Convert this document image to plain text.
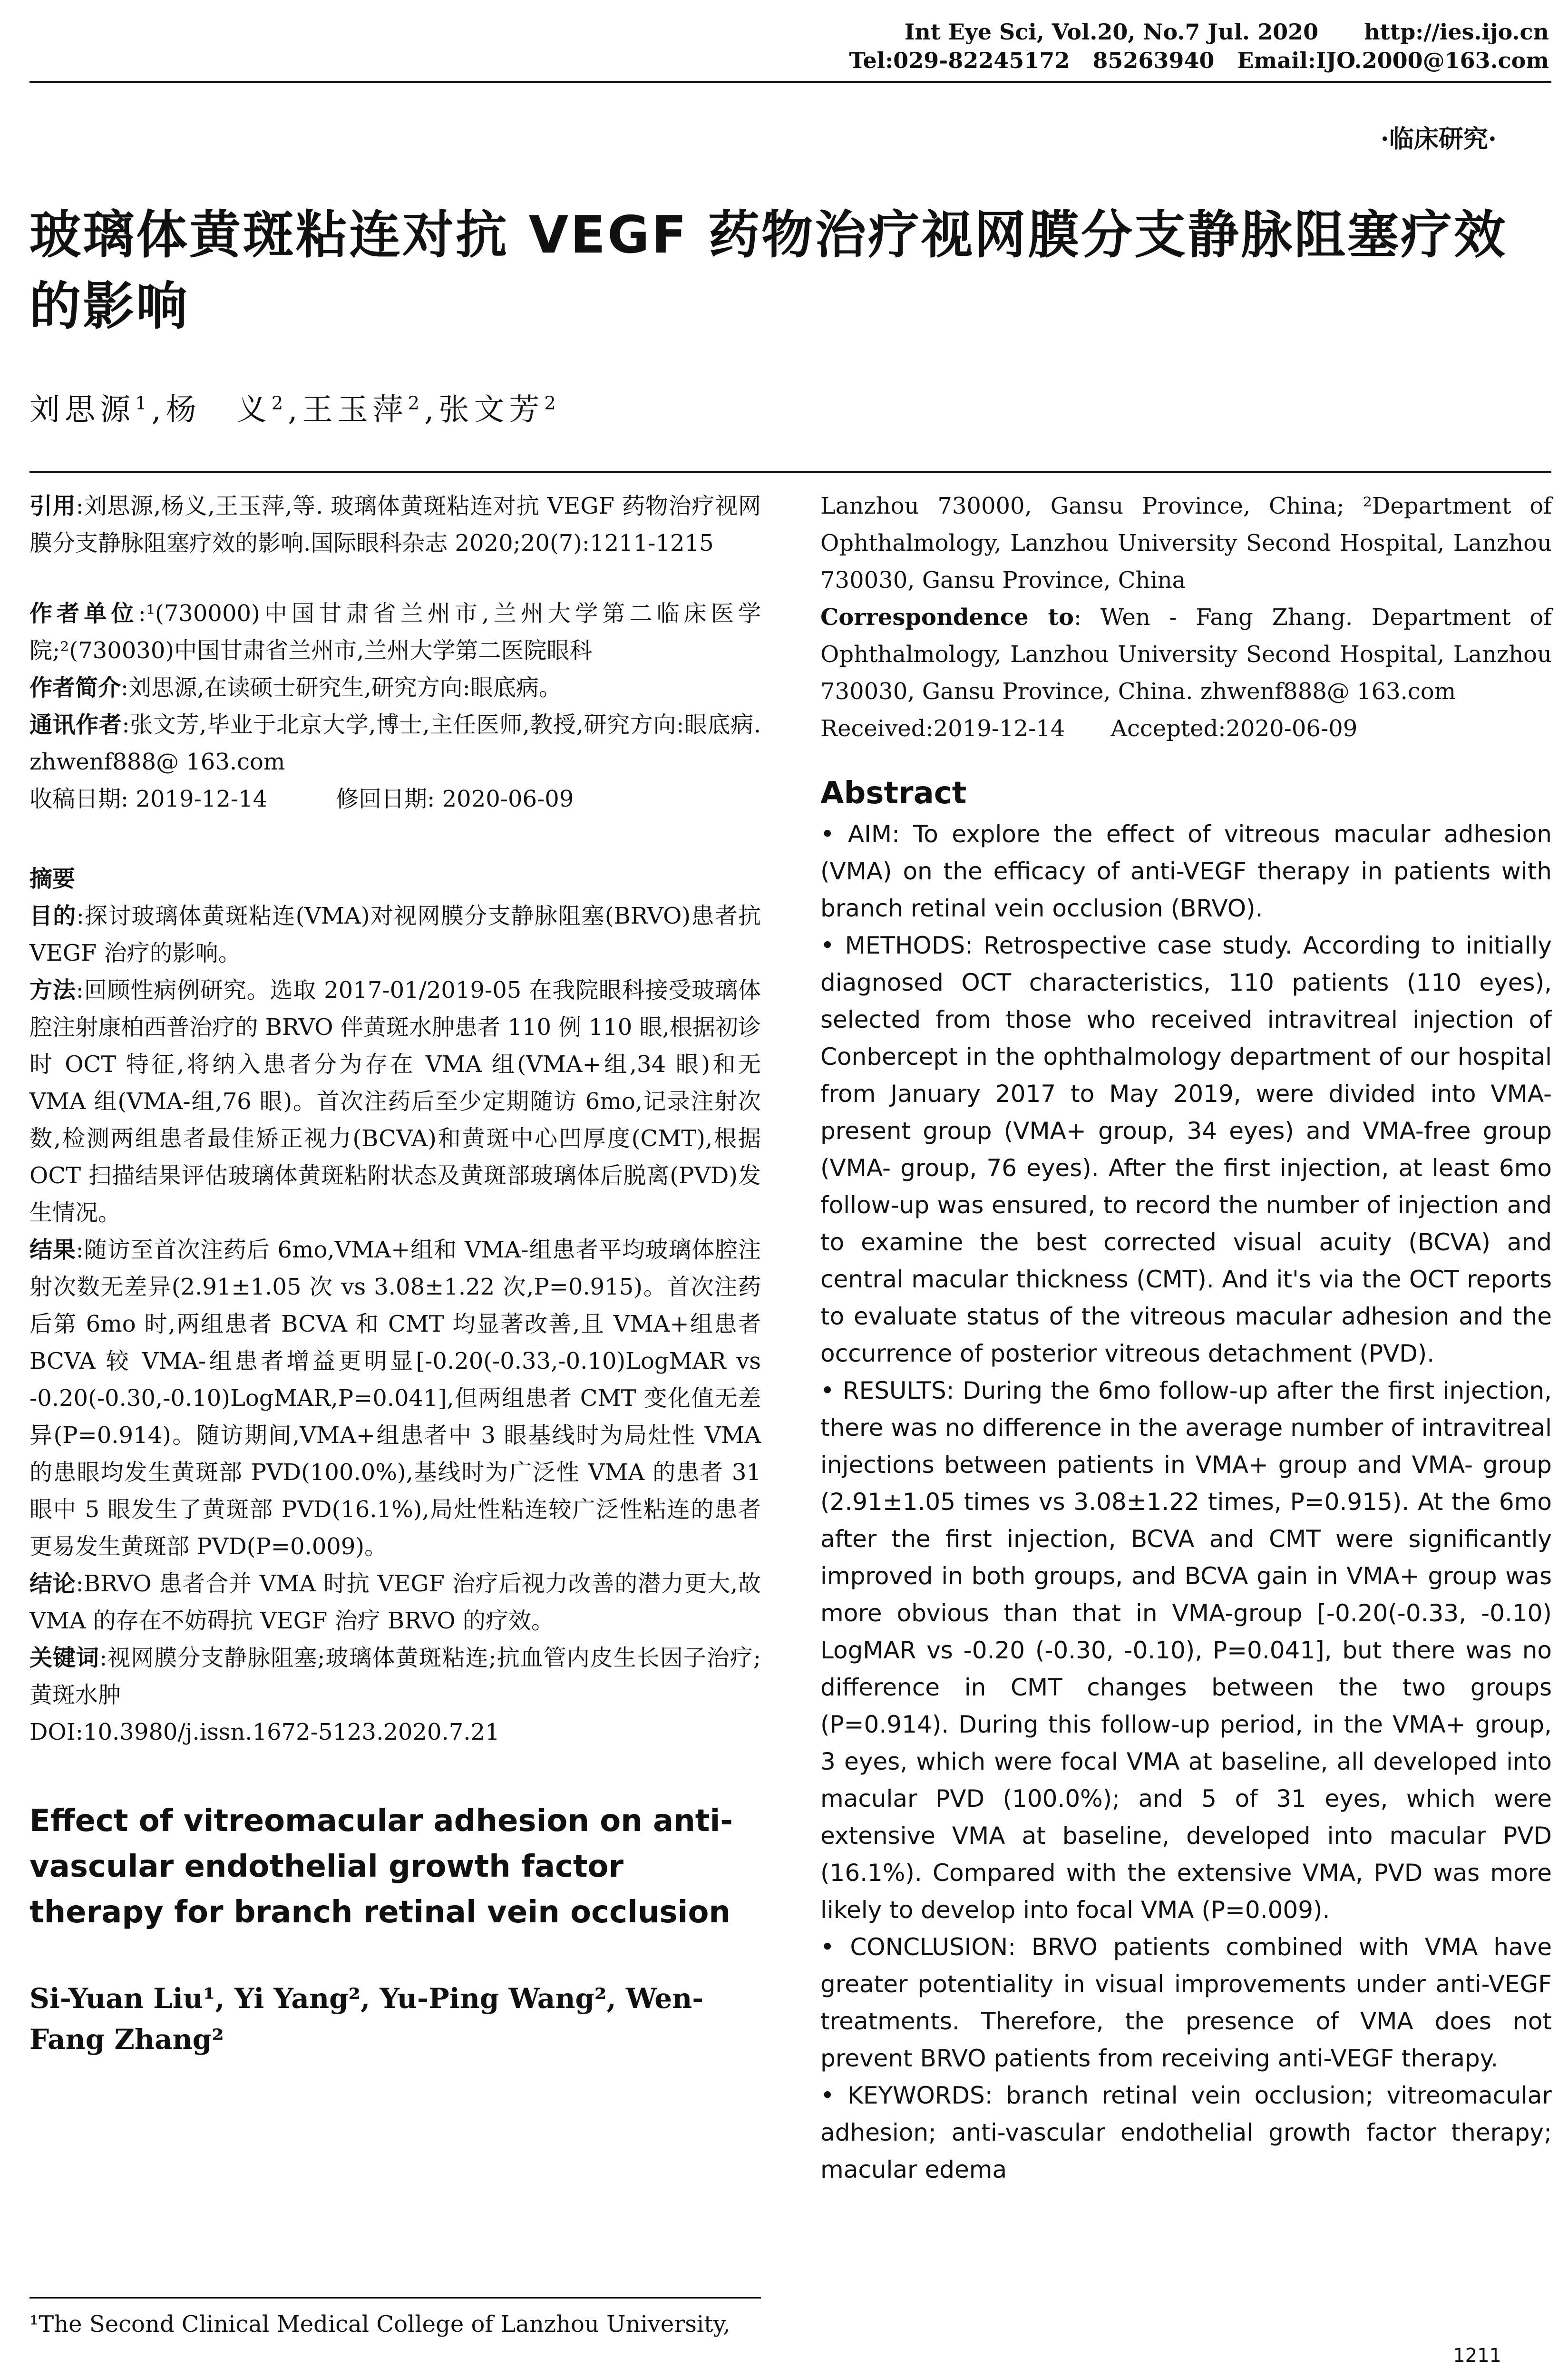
Int Eye Sci, Vol.20, No.7 Jul. 2020      http://ies.ijo.cn
Tel:029-82245172   85263940   Email:IJO.2000@163.com
·临床研究·
玻璃体黄斑粘连对抗 VEGF 药物治疗视网膜分支静脉阻塞疗效的影响
刘思源$^1$,杨　义$^2$,王玉萍$^2$,张文芳$^2$

引用:刘思源,杨义,王玉萍,等. 玻璃体黄斑粘连对抗 VEGF 药物治疗视网膜分支静脉阻塞疗效的影响.国际眼科杂志 2020;20(7):1211-1215

作者单位:¹(730000)中国甘肃省兰州市,兰州大学第二临床医学院;²(730030)中国甘肃省兰州市,兰州大学第二医院眼科

作者简介:刘思源,在读硕士研究生,研究方向:眼底病。

通讯作者:张文芳,毕业于北京大学,博士,主任医师,教授,研究方向:眼底病. zhwenf888@ 163.com

收稿日期: 2019-12-14　　　修回日期: 2020-06-09

摘要

目的:探讨玻璃体黄斑粘连(VMA)对视网膜分支静脉阻塞(BRVO)患者抗 VEGF 治疗的影响。

方法:回顾性病例研究。选取 2017-01/2019-05 在我院眼科接受玻璃体腔注射康柏西普治疗的 BRVO 伴黄斑水肿患者 110 例 110 眼,根据初诊时 OCT 特征,将纳入患者分为存在 VMA 组(VMA+组,34 眼)和无 VMA 组(VMA-组,76 眼)。首次注药后至少定期随访 6mo,记录注射次数,检测两组患者最佳矫正视力(BCVA)和黄斑中心凹厚度(CMT),根据 OCT 扫描结果评估玻璃体黄斑粘附状态及黄斑部玻璃体后脱离(PVD)发生情况。

结果:随访至首次注药后 6mo,VMA+组和 VMA-组患者平均玻璃体腔注射次数无差异(2.91±1.05 次 vs 3.08±1.22 次,P=0.915)。首次注药后第 6mo 时,两组患者 BCVA 和 CMT 均显著改善,且 VMA+组患者 BCVA 较 VMA-组患者增益更明显[-0.20(-0.33,-0.10)LogMAR vs -0.20(-0.30,-0.10)LogMAR,P=0.041],但两组患者 CMT 变化值无差异(P=0.914)。随访期间,VMA+组患者中 3 眼基线时为局灶性 VMA 的患眼均发生黄斑部 PVD(100.0%),基线时为广泛性 VMA 的患者 31 眼中 5 眼发生了黄斑部 PVD(16.1%),局灶性粘连较广泛性粘连的患者更易发生黄斑部 PVD(P=0.009)。

结论:BRVO 患者合并 VMA 时抗 VEGF 治疗后视力改善的潜力更大,故 VMA 的存在不妨碍抗 VEGF 治疗 BRVO 的疗效。

关键词:视网膜分支静脉阻塞;玻璃体黄斑粘连;抗血管内皮生长因子治疗;黄斑水肿

DOI:10.3980/j.issn.1672-5123.2020.7.21

Effect of vitreomacular adhesion on anti-vascular endothelial growth factor therapy for branch retinal vein occlusion
Si-Yuan Liu¹, Yi Yang², Yu-Ping Wang², Wen-Fang Zhang²

¹The Second Clinical Medical College of Lanzhou University,

Lanzhou 730000, Gansu Province, China; ²Department of Ophthalmology, Lanzhou University Second Hospital, Lanzhou 730030, Gansu Province, China

Correspondence to: Wen - Fang Zhang. Department of Ophthalmology, Lanzhou University Second Hospital, Lanzhou 730030, Gansu Province, China. zhwenf888@ 163.com

Received:2019-12-14　　Accepted:2020-06-09

Abstract

• AIM: To explore the effect of vitreous macular adhesion (VMA) on the efficacy of anti-VEGF therapy in patients with branch retinal vein occlusion (BRVO).

• METHODS: Retrospective case study. According to initially diagnosed OCT characteristics, 110 patients (110 eyes), selected from those who received intravitreal injection of Conbercept in the ophthalmology department of our hospital from January 2017 to May 2019, were divided into VMA-present group (VMA+ group, 34 eyes) and VMA-free group (VMA- group, 76 eyes). After the first injection, at least 6mo follow-up was ensured, to record the number of injection and to examine the best corrected visual acuity (BCVA) and central macular thickness (CMT). And it's via the OCT reports to evaluate status of the vitreous macular adhesion and the occurrence of posterior vitreous detachment (PVD).

• RESULTS: During the 6mo follow-up after the first injection, there was no difference in the average number of intravitreal injections between patients in VMA+ group and VMA- group (2.91±1.05 times vs 3.08±1.22 times, P=0.915). At the 6mo after the first injection, BCVA and CMT were significantly improved in both groups, and BCVA gain in VMA+ group was more obvious than that in VMA-group [-0.20(-0.33, -0.10) LogMAR vs -0.20 (-0.30, -0.10), P=0.041], but there was no difference in CMT changes between the two groups (P=0.914). During this follow-up period, in the VMA+ group, 3 eyes, which were focal VMA at baseline, all developed into macular PVD (100.0%); and 5 of 31 eyes, which were extensive VMA at baseline, developed into macular PVD (16.1%). Compared with the extensive VMA, PVD was more likely to develop into focal VMA (P=0.009).

• CONCLUSION: BRVO patients combined with VMA have greater potentiality in visual improvements under anti-VEGF treatments. Therefore, the presence of VMA does not prevent BRVO patients from receiving anti-VEGF therapy.

• KEYWORDS: branch retinal vein occlusion; vitreomacular adhesion; anti-vascular endothelial growth factor therapy; macular edema

1211
